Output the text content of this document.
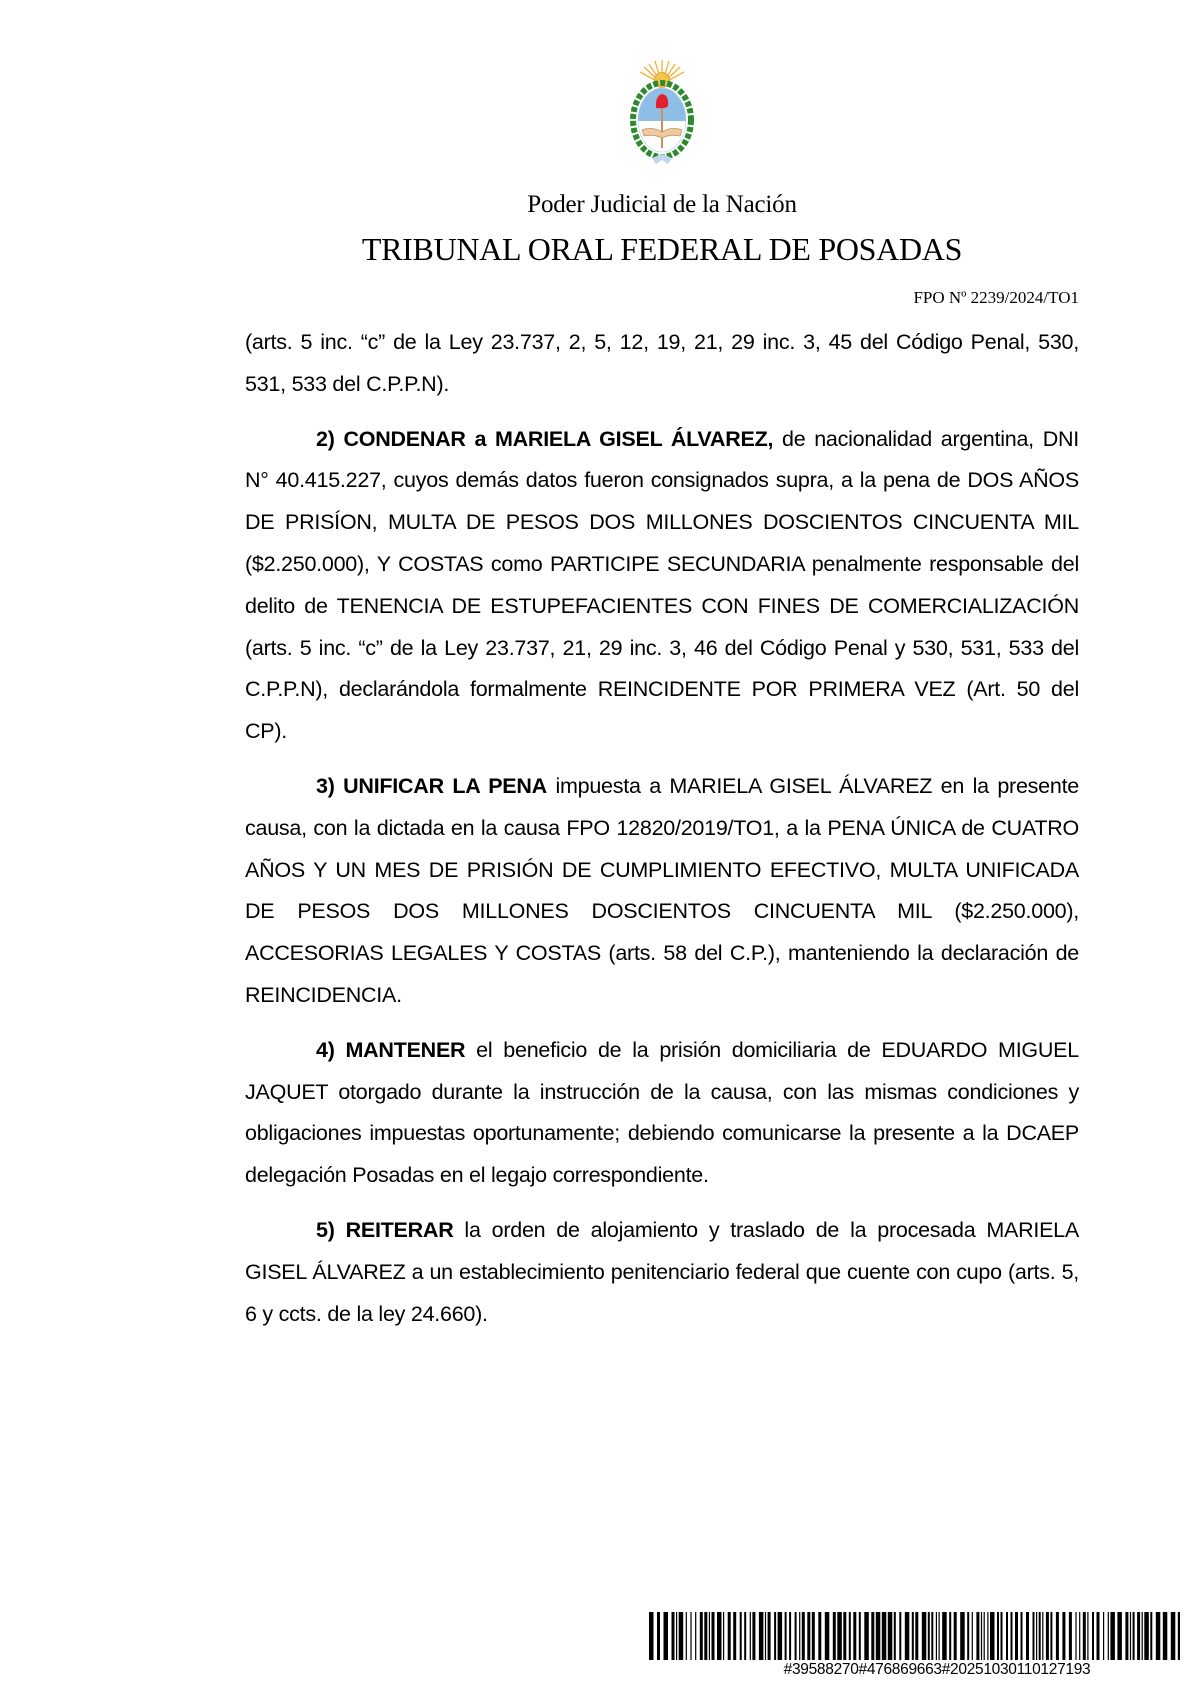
Poder Judicial de la Nación
TRIBUNAL ORAL FEDERAL DE POSADAS
FPO Nº 2239/2024/TO1

(arts. 5 inc. “c” de la Ley 23.737, 2, 5, 12, 19, 21, 29 inc. 3, 45 del Código Penal, 530, 531, 533 del C.P.P.N).

2) CONDENAR a MARIELA GISEL ÁLVAREZ, de nacionalidad argentina, DNI N° 40.415.227, cuyos demás datos fueron consignados supra, a la pena de DOS AÑOS DE PRISÍON, MULTA DE PESOS DOS MILLONES DOSCIENTOS CINCUENTA MIL ($2.250.000), Y COSTAS como PARTICIPE SECUNDARIA penalmente responsable del delito de TENENCIA DE ESTUPEFACIENTES CON FINES DE COMERCIALIZACIÓN (arts. 5 inc. “c” de la Ley 23.737, 21, 29 inc. 3, 46 del Código Penal y 530, 531, 533 del C.P.P.N), declarándola formalmente REINCIDENTE POR PRIMERA VEZ (Art. 50 del CP).

3) UNIFICAR LA PENA impuesta a MARIELA GISEL ÁLVAREZ en la presente causa, con la dictada en la causa FPO 12820/2019/TO1, a la PENA ÚNICA de CUATRO AÑOS Y UN MES DE PRISIÓN DE CUMPLIMIENTO EFECTIVO, MULTA UNIFICADA DE PESOS DOS MILLONES DOSCIENTOS CINCUENTA MIL ($2.250.000), ACCESORIAS LEGALES Y COSTAS (arts. 58 del C.P.), manteniendo la declaración de REINCIDENCIA.

4) MANTENER el beneficio de la prisión domiciliaria de EDUARDO MIGUEL JAQUET otorgado durante la instrucción de la causa, con las mismas condiciones y obligaciones impuestas oportunamente; debiendo comunicarse la presente a la DCAEP delegación Posadas en el legajo correspondiente.

5) REITERAR la orden de alojamiento y traslado de la procesada MARIELA GISEL ÁLVAREZ a un establecimiento penitenciario federal que cuente con cupo (arts. 5, 6 y ccts. de la ley 24.660).

#39588270#476869663#20251030110127193
